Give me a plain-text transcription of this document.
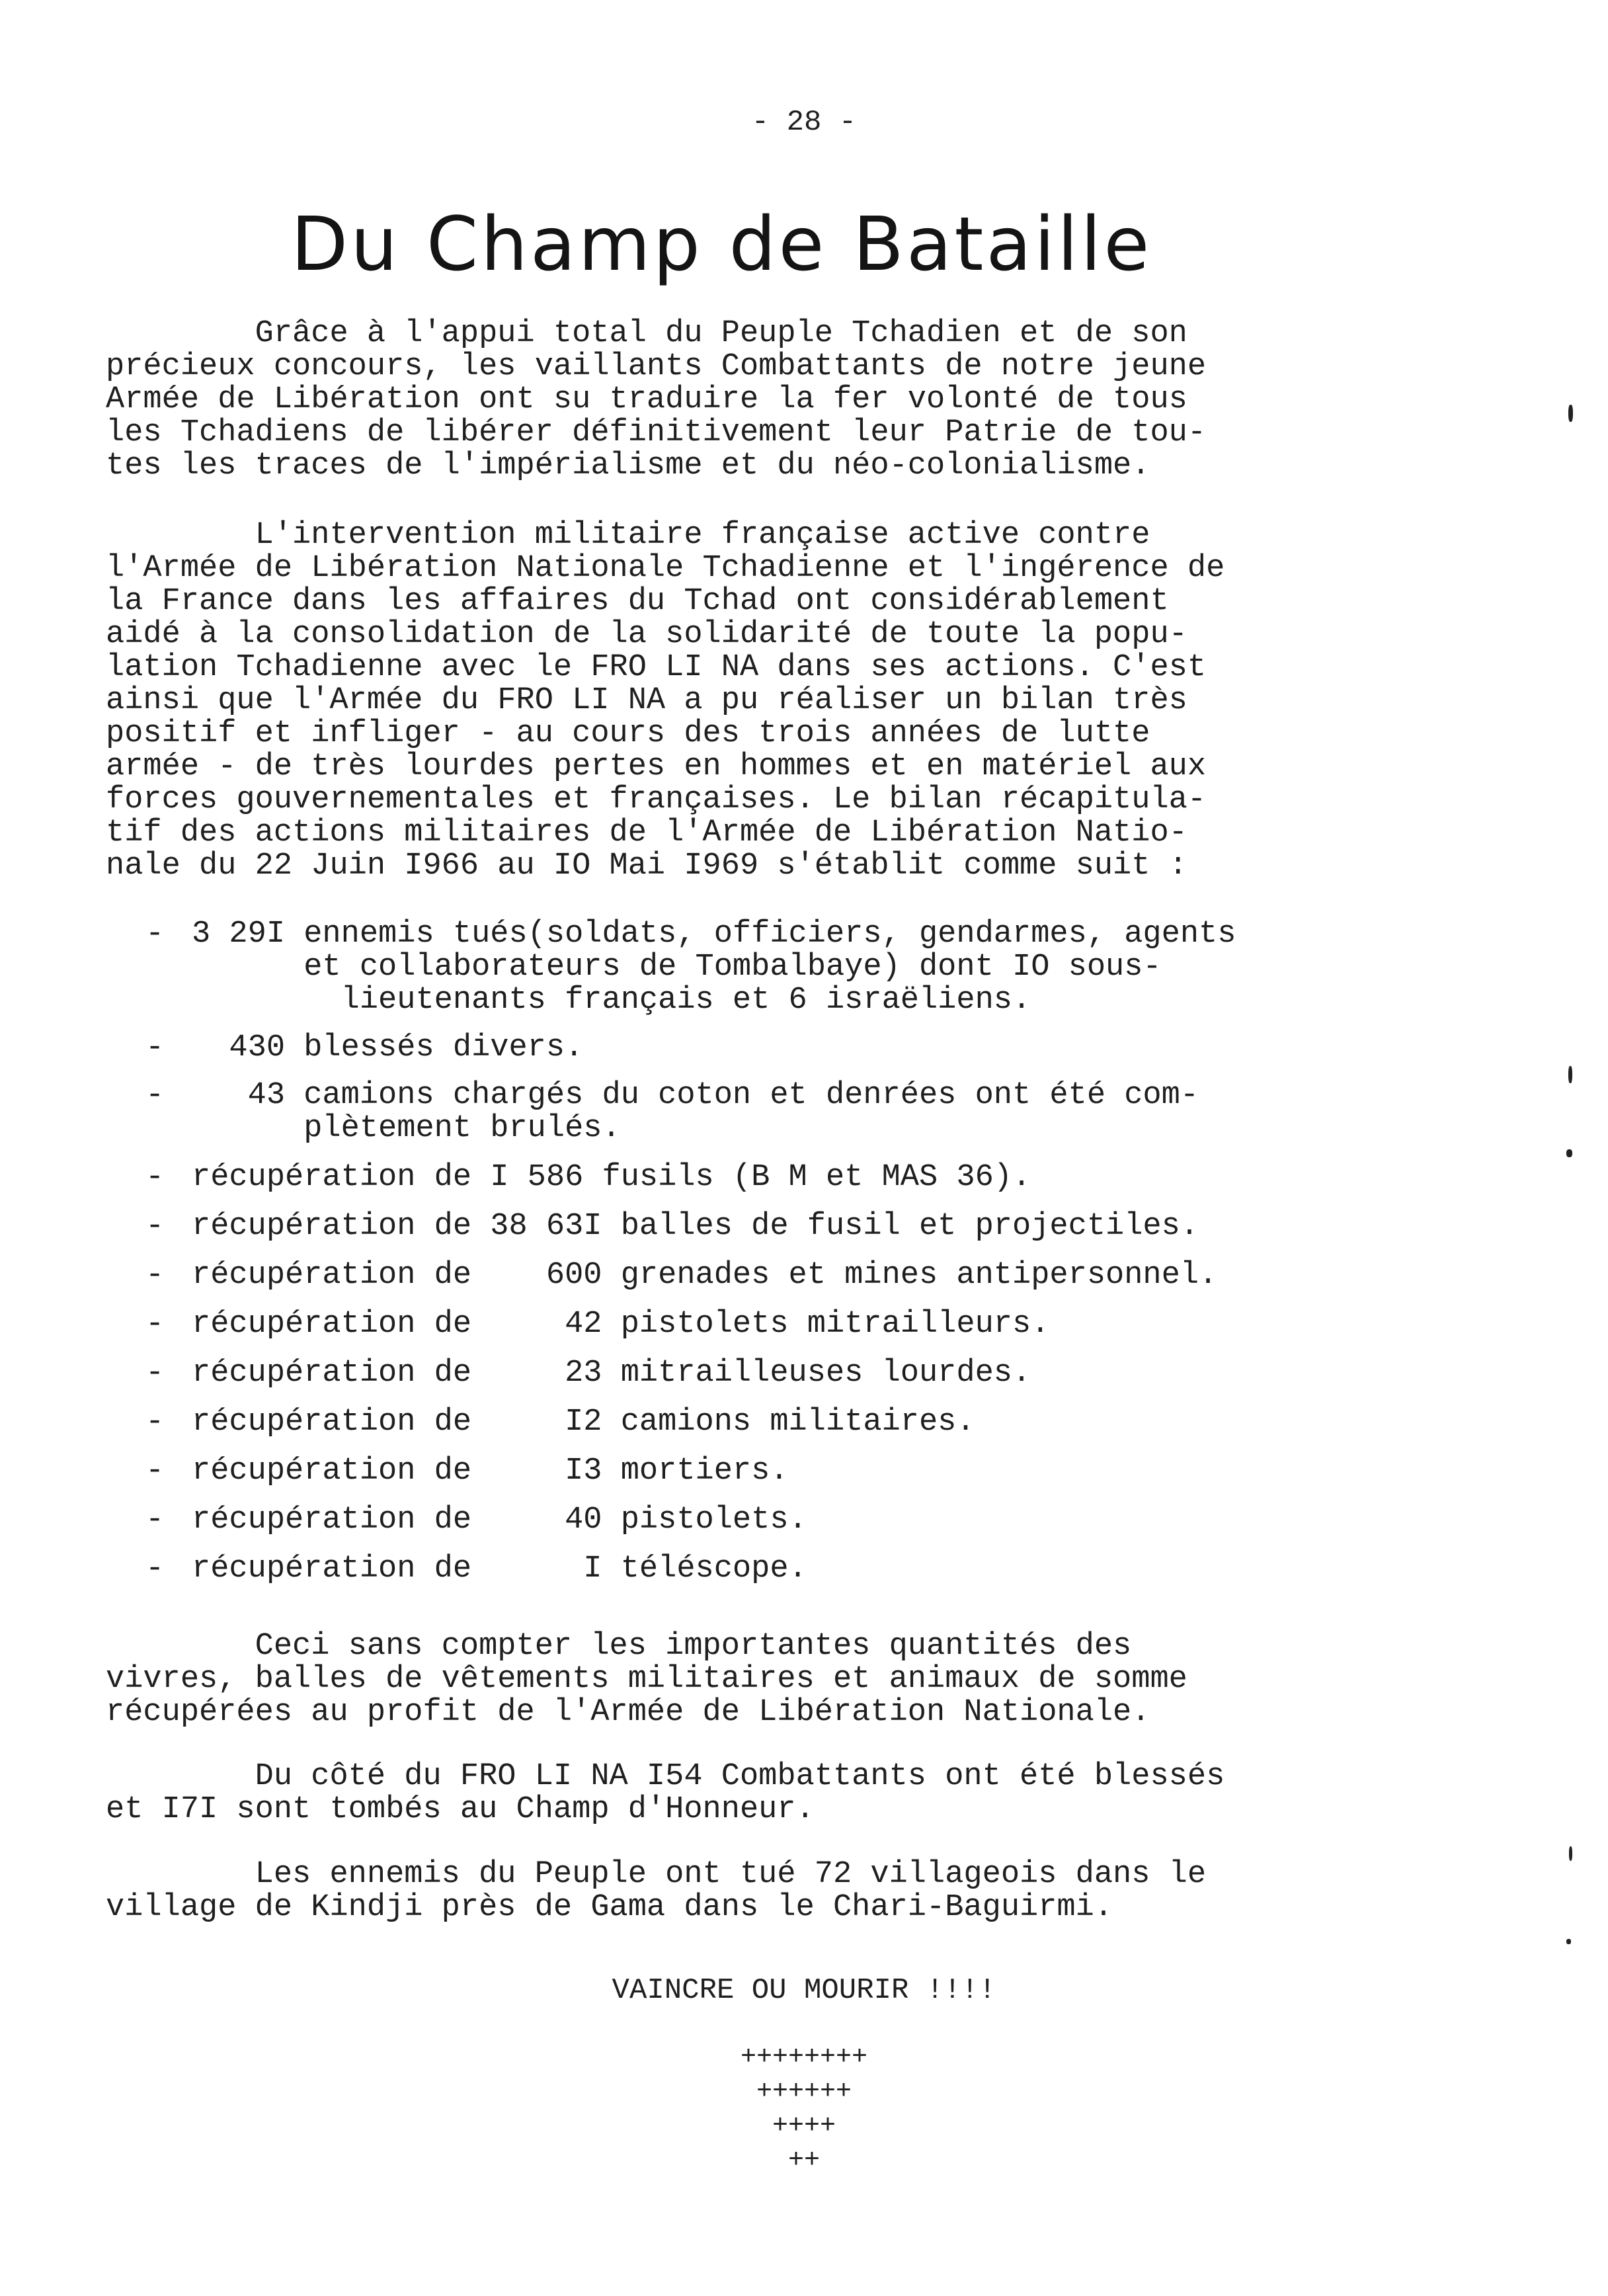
- 28 -
Du Champ de Bataille

Grâce à l'appui total du Peuple Tchadien et de son
précieux concours, les vaillants Combattants de notre jeune
Armée de Libération ont su traduire la fer volonté de tous
les Tchadiens de libérer définitivement leur Patrie de tou-
tes les traces de l'impérialisme et du néo-colonialisme.

L'intervention militaire française active contre
l'Armée de Libération Nationale Tchadienne et l'ingérence de
la France dans les affaires du Tchad ont considérablement
aidé à la consolidation de la solidarité de toute la popu-
lation Tchadienne avec le FRO LI NA dans ses actions. C'est
ainsi que l'Armée du FRO LI NA a pu réaliser un bilan très
positif et infliger - au cours des trois années de lutte
armée - de très lourdes pertes en hommes et en matériel aux
forces gouvernementales et françaises. Le bilan récapitula-
tif des actions militaires de l'Armée de Libération Natio-
nale du 22 Juin I966 au IO Mai I969 s'établit comme suit :

- 3 29I ennemis tués(soldats, officiers, gendarmes, agents
et collaborateurs de Tombalbaye) dont IO sous-
lieutenants français et 6 israëliens.
- 430 blessés divers.
-	43 camions chargés du coton et denrées ont été com-
plètement brulés.
- récupération de I 586 fusils (B M et MAS 36).
- récupération de 38 63I balles de fusil et projectiles.
- récupération de    600 grenades et mines antipersonnel.
- récupération de     42 pistolets mitrailleurs.
- récupération de     23 mitrailleuses lourdes.
- récupération de     I2 camions militaires.
- récupération de     I3 mortiers.
- récupération de     40 pistolets.
- récupération de      I téléscope.

Ceci sans compter les importantes quantités des
vivres, balles de vêtements militaires et animaux de somme
récupérées au profit de l'Armée de Libération Nationale.

Du côté du FRO LI NA I54 Combattants ont été blessés
et I7I sont tombés au Champ d'Honneur.

Les ennemis du Peuple ont tué 72 villageois dans le
village de Kindji près de Gama dans le Chari-Baguirmi.

VAINCRE OU MOURIR !!!!

++++++++

++++++

++++

++
